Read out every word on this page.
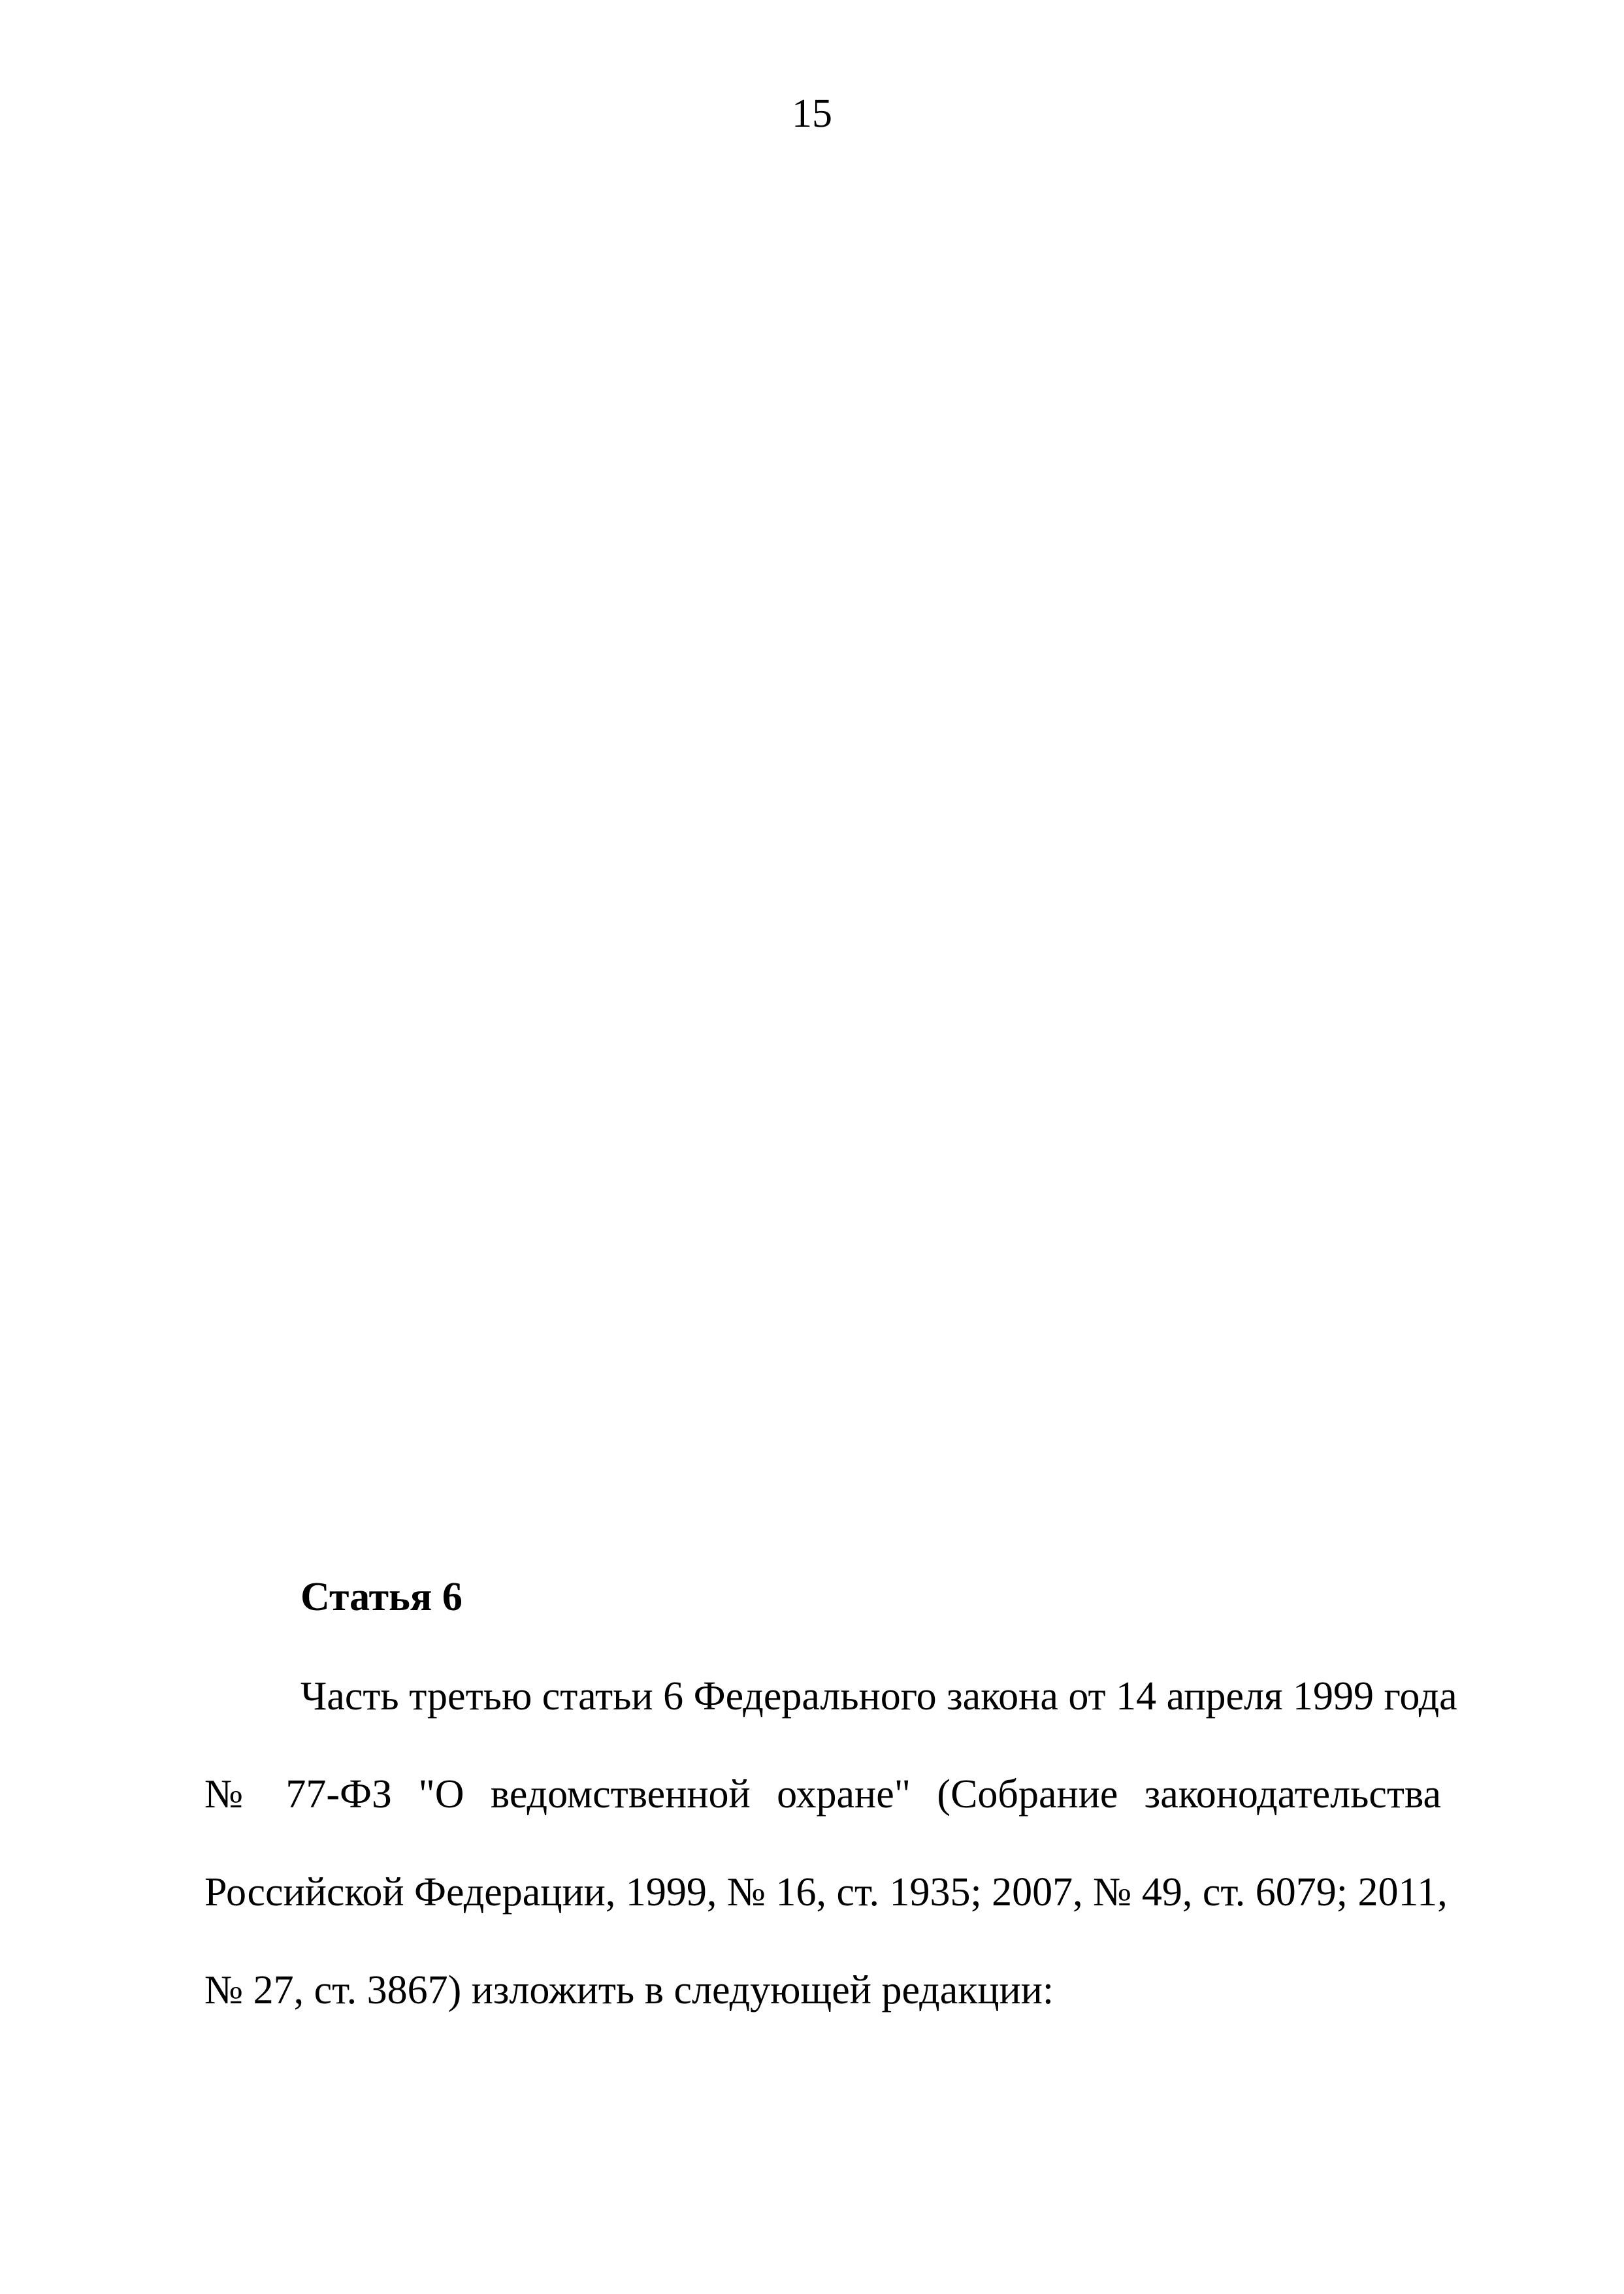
15
Статья 6
Часть третью статьи 6 Федерального закона от 14 апреля 1999 года
№ 77-ФЗ "О ведомственной охране" (Собрание законодательства
Российской Федерации, 1999, № 16, ст. 1935; 2007, № 49, ст. 6079; 2011,
№ 27, ст. 3867) изложить в следующей редакции:
